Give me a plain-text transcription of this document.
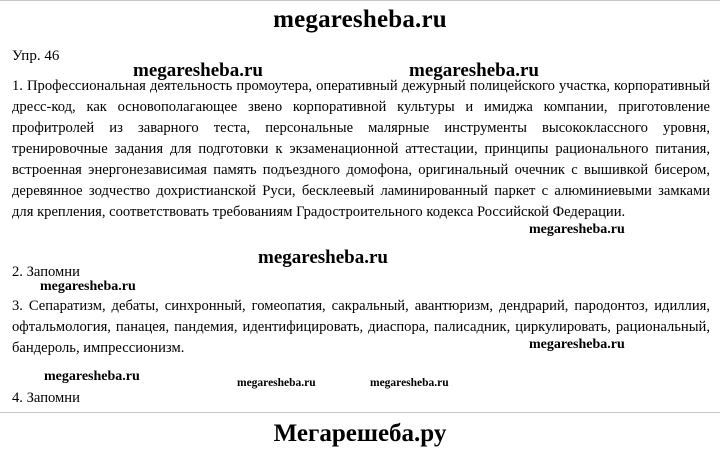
megaresheba.ru
Упр. 46
1. Профессиональная деятельность промоутера, оперативный дежурный полицейского участка, корпоративный дресс-код, как основополагающее звено корпоративной культуры и имиджа компании, приготовление профитролей из заварного теста, персональные малярные инструменты высококлассного уровня, тренировочные задания для подготовки к экзаменационной аттестации, принципы рационального питания, встроенная энергонезависимая память подъездного домофона, оригинальный очечник с вышивкой бисером, деревянное зодчество дохристианской Руси, бесклеевый ламинированный паркет с алюминиевыми замками для крепления, соответствовать требованиям Градостроительного кодекса Российской Федерации.
2. Запомни
3. Сепаратизм, дебаты, синхронный, гомеопатия, сакральный, авантюризм, дендрарий, пародонтоз, идиллия, офтальмология, панацея, пандемия, идентифицировать, диаспора, палисадник, циркулировать, рациональный, бандероль, импрессионизм.
4. Запомни
megaresheba.ru	megaresheba.ru
megaresheba.ru
megaresheba.ru
megaresheba.ru
megaresheba.ru
megaresheba.ru	megaresheba.ru	megaresheba.ru
Мегарешеба.ру
